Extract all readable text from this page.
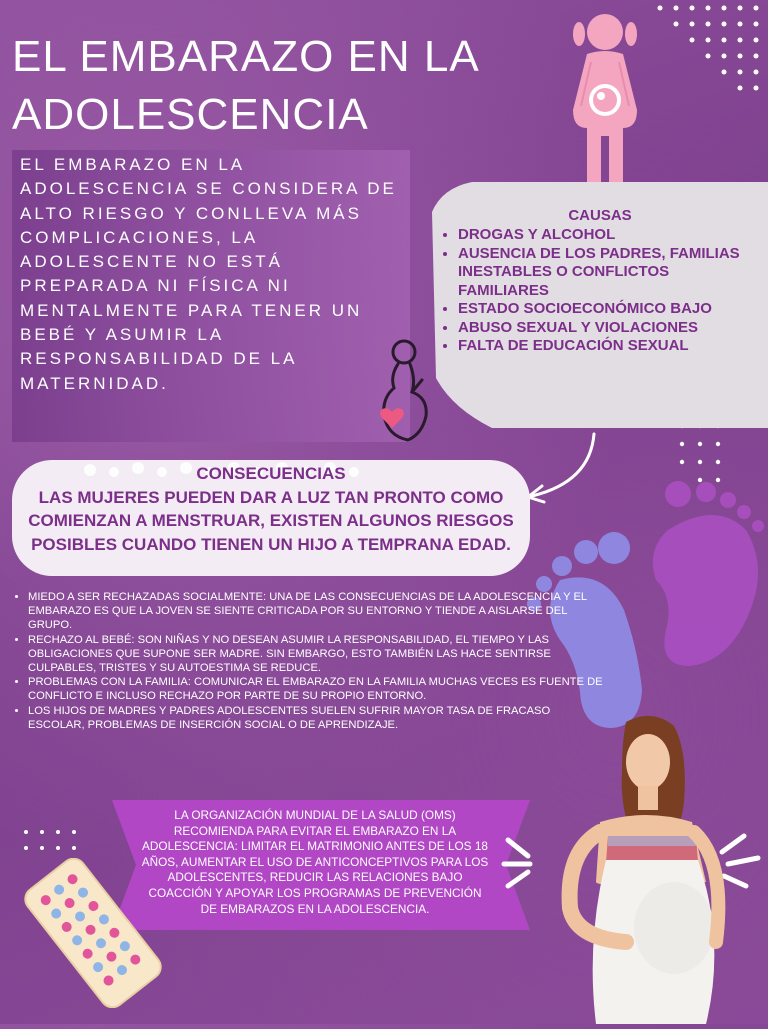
EL EMBARAZO EN LA
ADOLESCENCIA
EL EMBARAZO EN LA ADOLESCENCIA SE CONSIDERA DE ALTO RIESGO Y CONLLEVA MÁS COMPLICACIONES, LA ADOLESCENTE NO ESTÁ PREPARADA NI FÍSICA NI MENTALMENTE PARA TENER UN BEBÉ Y ASUMIR LA RESPONSABILIDAD DE LA MATERNIDAD.
CAUSAS
• DROGAS Y ALCOHOL
• AUSENCIA DE LOS PADRES, FAMILIAS INESTABLES O CONFLICTOS FAMILIARES
• ESTADO SOCIOECONÓMICO BAJO
• ABUSO SEXUAL Y VIOLACIONES
• FALTA DE EDUCACIÓN SEXUAL
CONSECUENCIAS
LAS MUJERES PUEDEN DAR A LUZ TAN PRONTO COMO COMIENZAN A MENSTRUAR, EXISTEN ALGUNOS RIESGOS POSIBLES CUANDO TIENEN UN HIJO A TEMPRANA EDAD.
• MIEDO A SER RECHAZADAS SOCIALMENTE: UNA DE LAS CONSECUENCIAS DE LA ADOLESCENCIA Y EL EMBARAZO ES QUE LA JOVEN SE SIENTE CRITICADA POR SU ENTORNO Y TIENDE A AISLARSE DEL GRUPO.
• RECHAZO AL BEBÉ: SON NIÑAS Y NO DESEAN ASUMIR LA RESPONSABILIDAD, EL TIEMPO Y LAS OBLIGACIONES QUE SUPONE SER MADRE. SIN EMBARGO, ESTO TAMBIÉN LAS HACE SENTIRSE CULPABLES, TRISTES Y SU AUTOESTIMA SE REDUCE.
• PROBLEMAS CON LA FAMILIA: COMUNICAR EL EMBARAZO EN LA FAMILIA MUCHAS VECES ES FUENTE DE CONFLICTO E INCLUSO RECHAZO POR PARTE DE SU PROPIO ENTORNO.
• LOS HIJOS DE MADRES Y PADRES ADOLESCENTES SUELEN SUFRIR MAYOR TASA DE FRACASO ESCOLAR, PROBLEMAS DE INSERCIÓN SOCIAL O DE APRENDIZAJE.
LA ORGANIZACIÓN MUNDIAL DE LA SALUD (OMS) RECOMIENDA PARA EVITAR EL EMBARAZO EN LA ADOLESCENCIA: LIMITAR EL MATRIMONIO ANTES DE LOS 18 AÑOS, AUMENTAR EL USO DE ANTICONCEPTIVOS PARA LOS ADOLESCENTES, REDUCIR LAS RELACIONES BAJO COACCIÓN Y APOYAR LOS PROGRAMAS DE PREVENCIÓN DE EMBARAZOS EN LA ADOLESCENCIA.
